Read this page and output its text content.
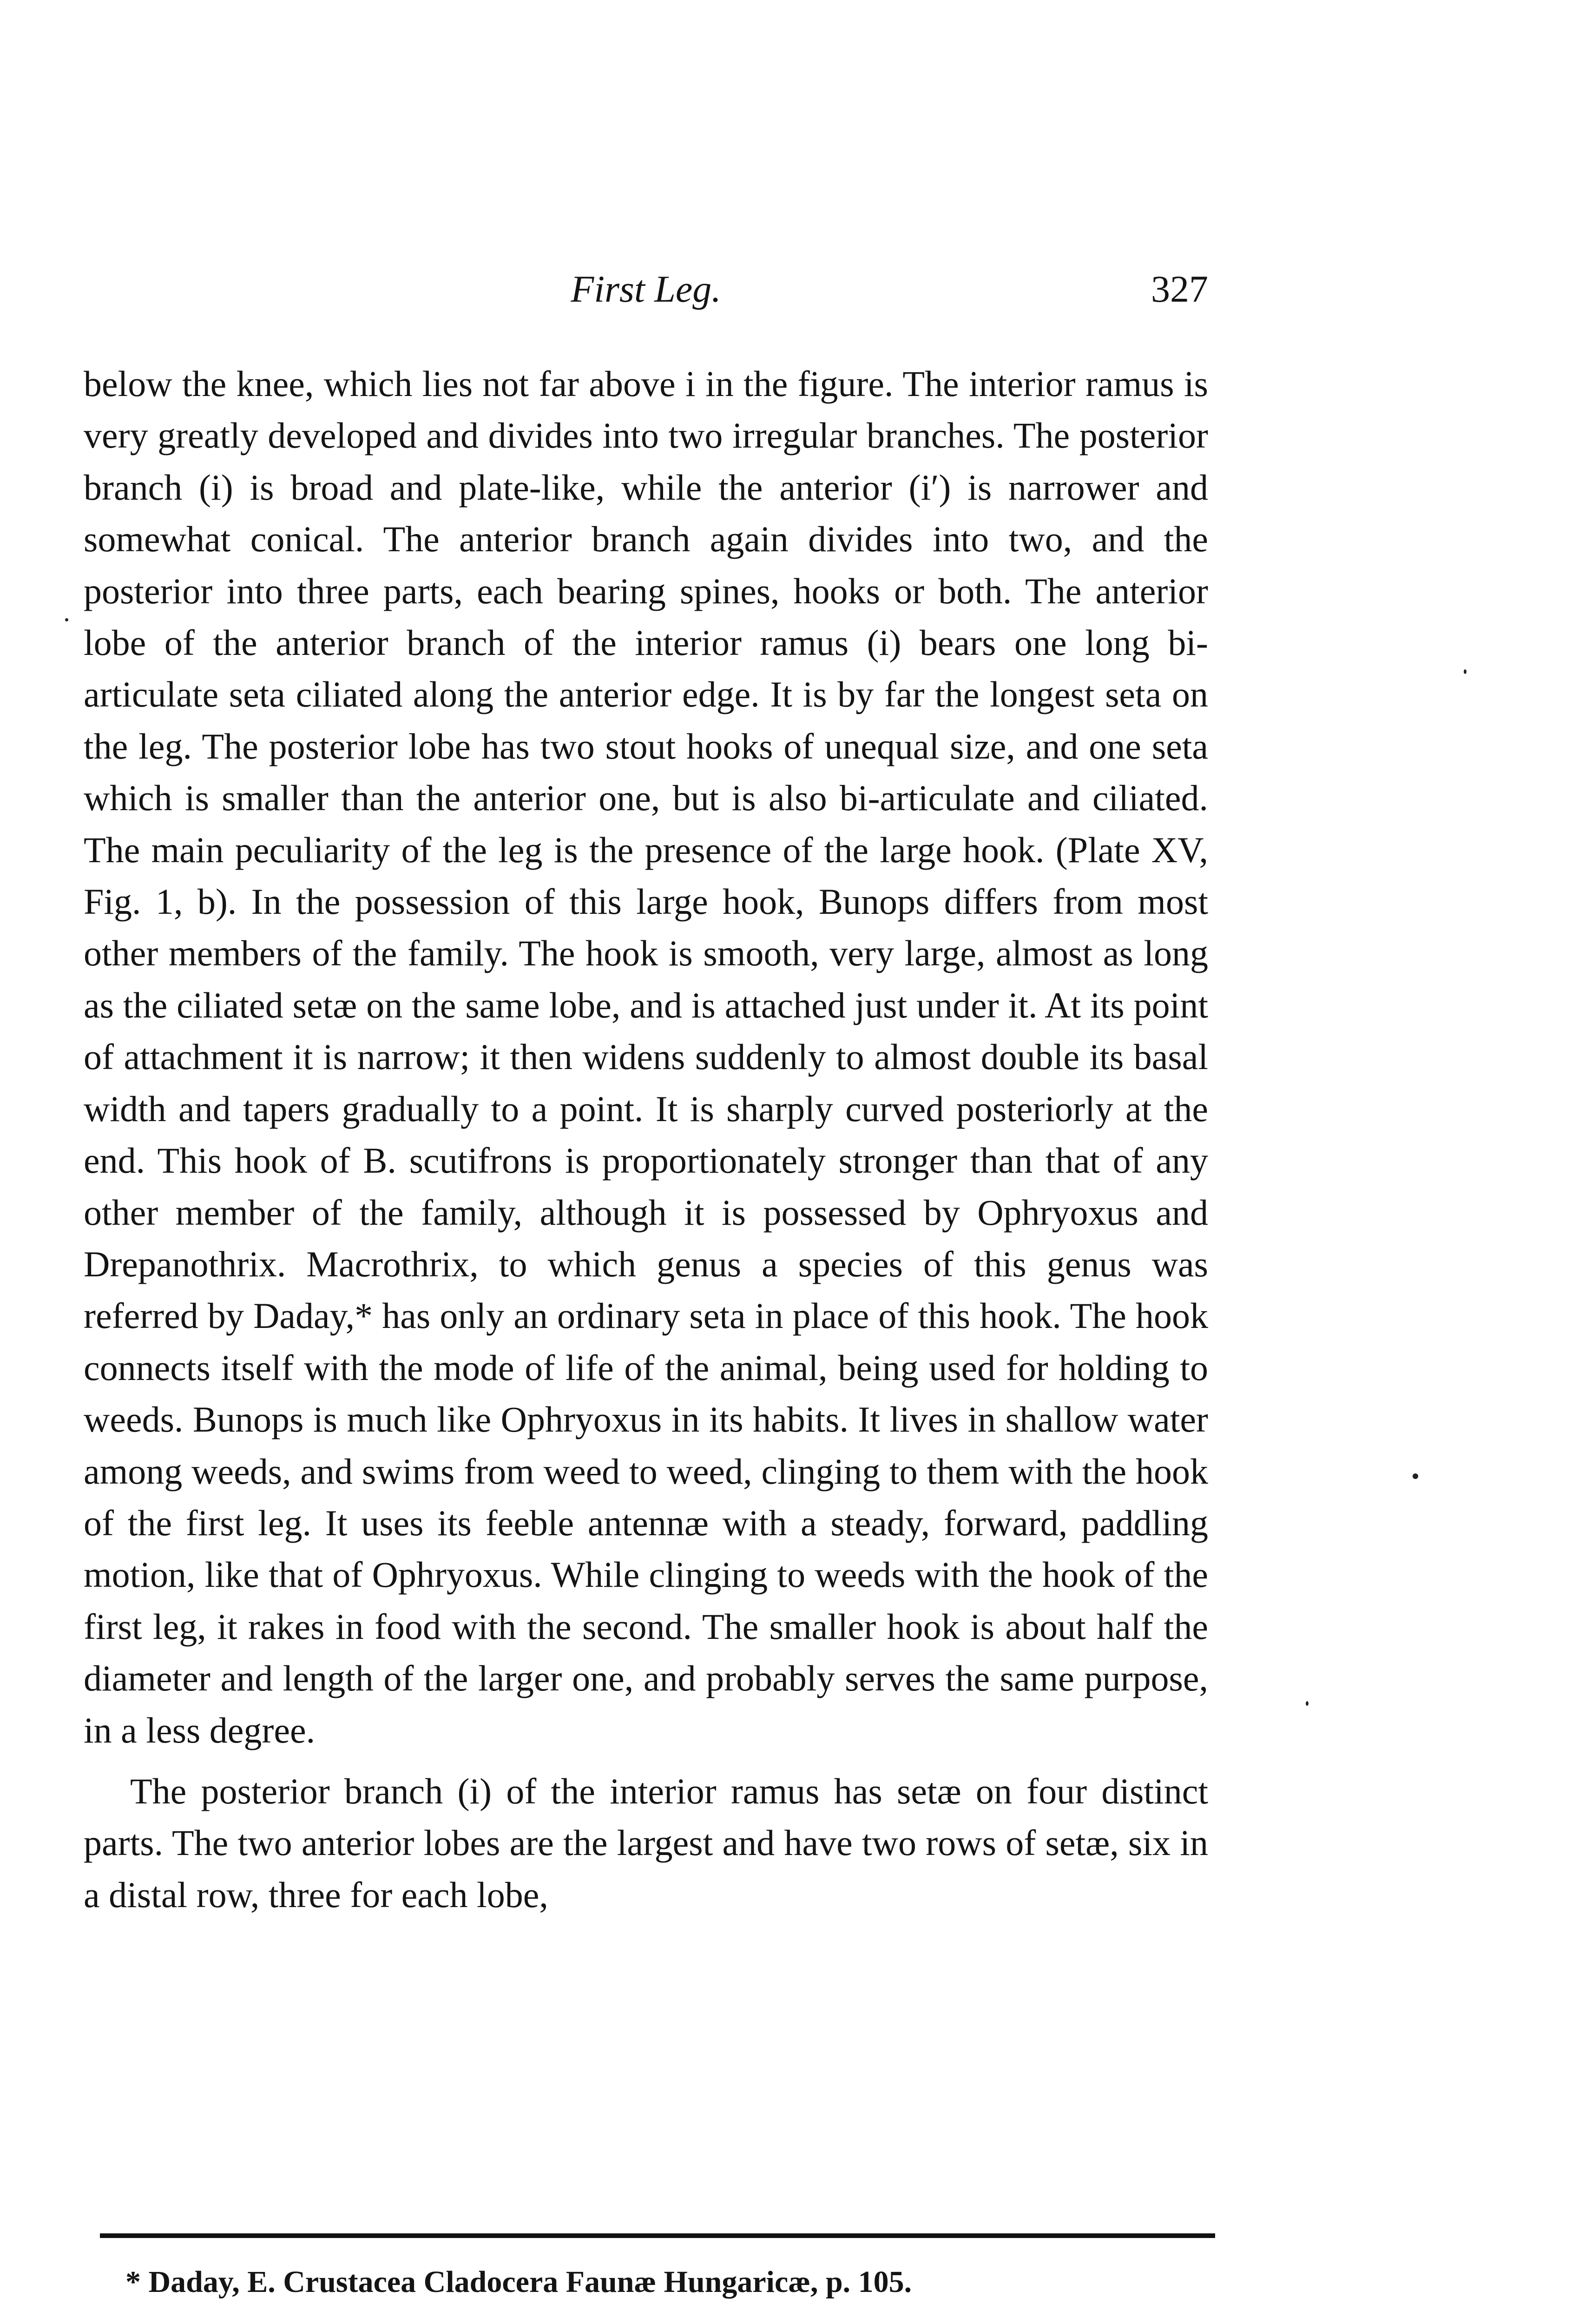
First Leg.	327

below the knee, which lies not far above i in the figure. The interior ramus is very greatly developed and divides into two irregular branches. The posterior branch (i) is broad and plate-like, while the anterior (i′) is narrower and somewhat conical. The anterior branch again divides into two, and the posterior into three parts, each bearing spines, hooks or both. The anterior lobe of the anterior branch of the interior ramus (i) bears one long bi-articulate seta ciliated along the anterior edge. It is by far the longest seta on the leg. The posterior lobe has two stout hooks of unequal size, and one seta which is smaller than the anterior one, but is also bi-articulate and ciliated. The main peculiarity of the leg is the presence of the large hook. (Plate XV, Fig. 1, b). In the possession of this large hook, Bunops differs from most other members of the family. The hook is smooth, very large, almost as long as the ciliated setæ on the same lobe, and is attached just under it. At its point of attachment it is narrow; it then widens suddenly to almost double its basal width and tapers gradually to a point. It is sharply curved posteriorly at the end. This hook of B. scutifrons is proportionately stronger than that of any other member of the family, although it is possessed by Ophryoxus and Drepanothrix. Macrothrix, to which genus a species of this genus was referred by Daday,* has only an ordinary seta in place of this hook. The hook connects itself with the mode of life of the animal, being used for holding to weeds. Bunops is much like Ophryoxus in its habits. It lives in shallow water among weeds, and swims from weed to weed, clinging to them with the hook of the first leg. It uses its feeble antennæ with a steady, forward, paddling motion, like that of Ophryoxus. While clinging to weeds with the hook of the first leg, it rakes in food with the second. The smaller hook is about half the diameter and length of the larger one, and probably serves the same purpose, in a less degree.

The posterior branch (i) of the interior ramus has setæ on four distinct parts. The two anterior lobes are the largest and have two rows of setæ, six in a distal row, three for each lobe,

* Daday, E. Crustacea Cladocera Faunæ Hungaricæ, p. 105.
